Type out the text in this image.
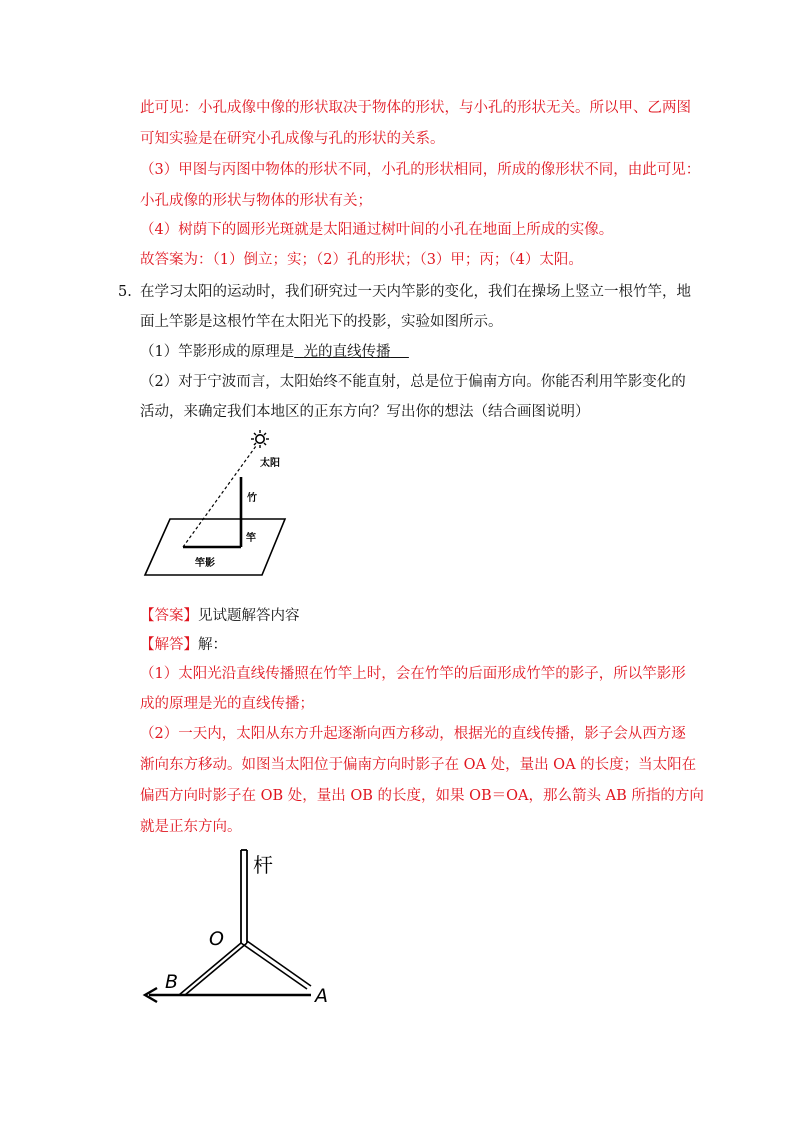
此可见：小孔成像中像的形状取决于物体的形状，与小孔的形状无关。所以甲、乙两图
可知实验是在研究小孔成像与孔的形状的关系。
（3）甲图与丙图中物体的形状不同，小孔的形状相同，所成的像形状不同，由此可见：
小孔成像的形状与物体的形状有关；
（4）树荫下的圆形光斑就是太阳通过树叶间的小孔在地面上所成的实像。
故答案为：（1）倒立；实；（2）孔的形状；（3）甲；丙；（4）太阳。
5. 在学习太阳的运动时，我们研究过一天内竿影的变化，我们在操场上竖立一根竹竿，地
面上竿影是这根竹竿在太阳光下的投影，实验如图所示。
（1）竿影形成的原理是 光的直线传播
（2）对于宁波而言，太阳始终不能直射，总是位于偏南方向。你能否利用竿影变化的
活动，来确定我们本地区的正东方向？写出你的想法（结合画图说明）
太阳
竹
竿
竿影
【答案】见试题解答内容
【解答】解：
（1）太阳光沿直线传播照在竹竿上时，会在竹竿的后面形成竹竿的影子，所以竿影形
成的原理是光的直线传播；
（2）一天内，太阳从东方升起逐渐向西方移动，根据光的直线传播，影子会从西方逐
渐向东方移动。如图当太阳位于偏南方向时影子在 OA 处，量出 OA 的长度；当太阳在
偏西方向时影子在 OB 处，量出 OB 的长度，如果 OB＝OA，那么箭头 AB 所指的方向
就是正东方向。
杆
O
B
A
